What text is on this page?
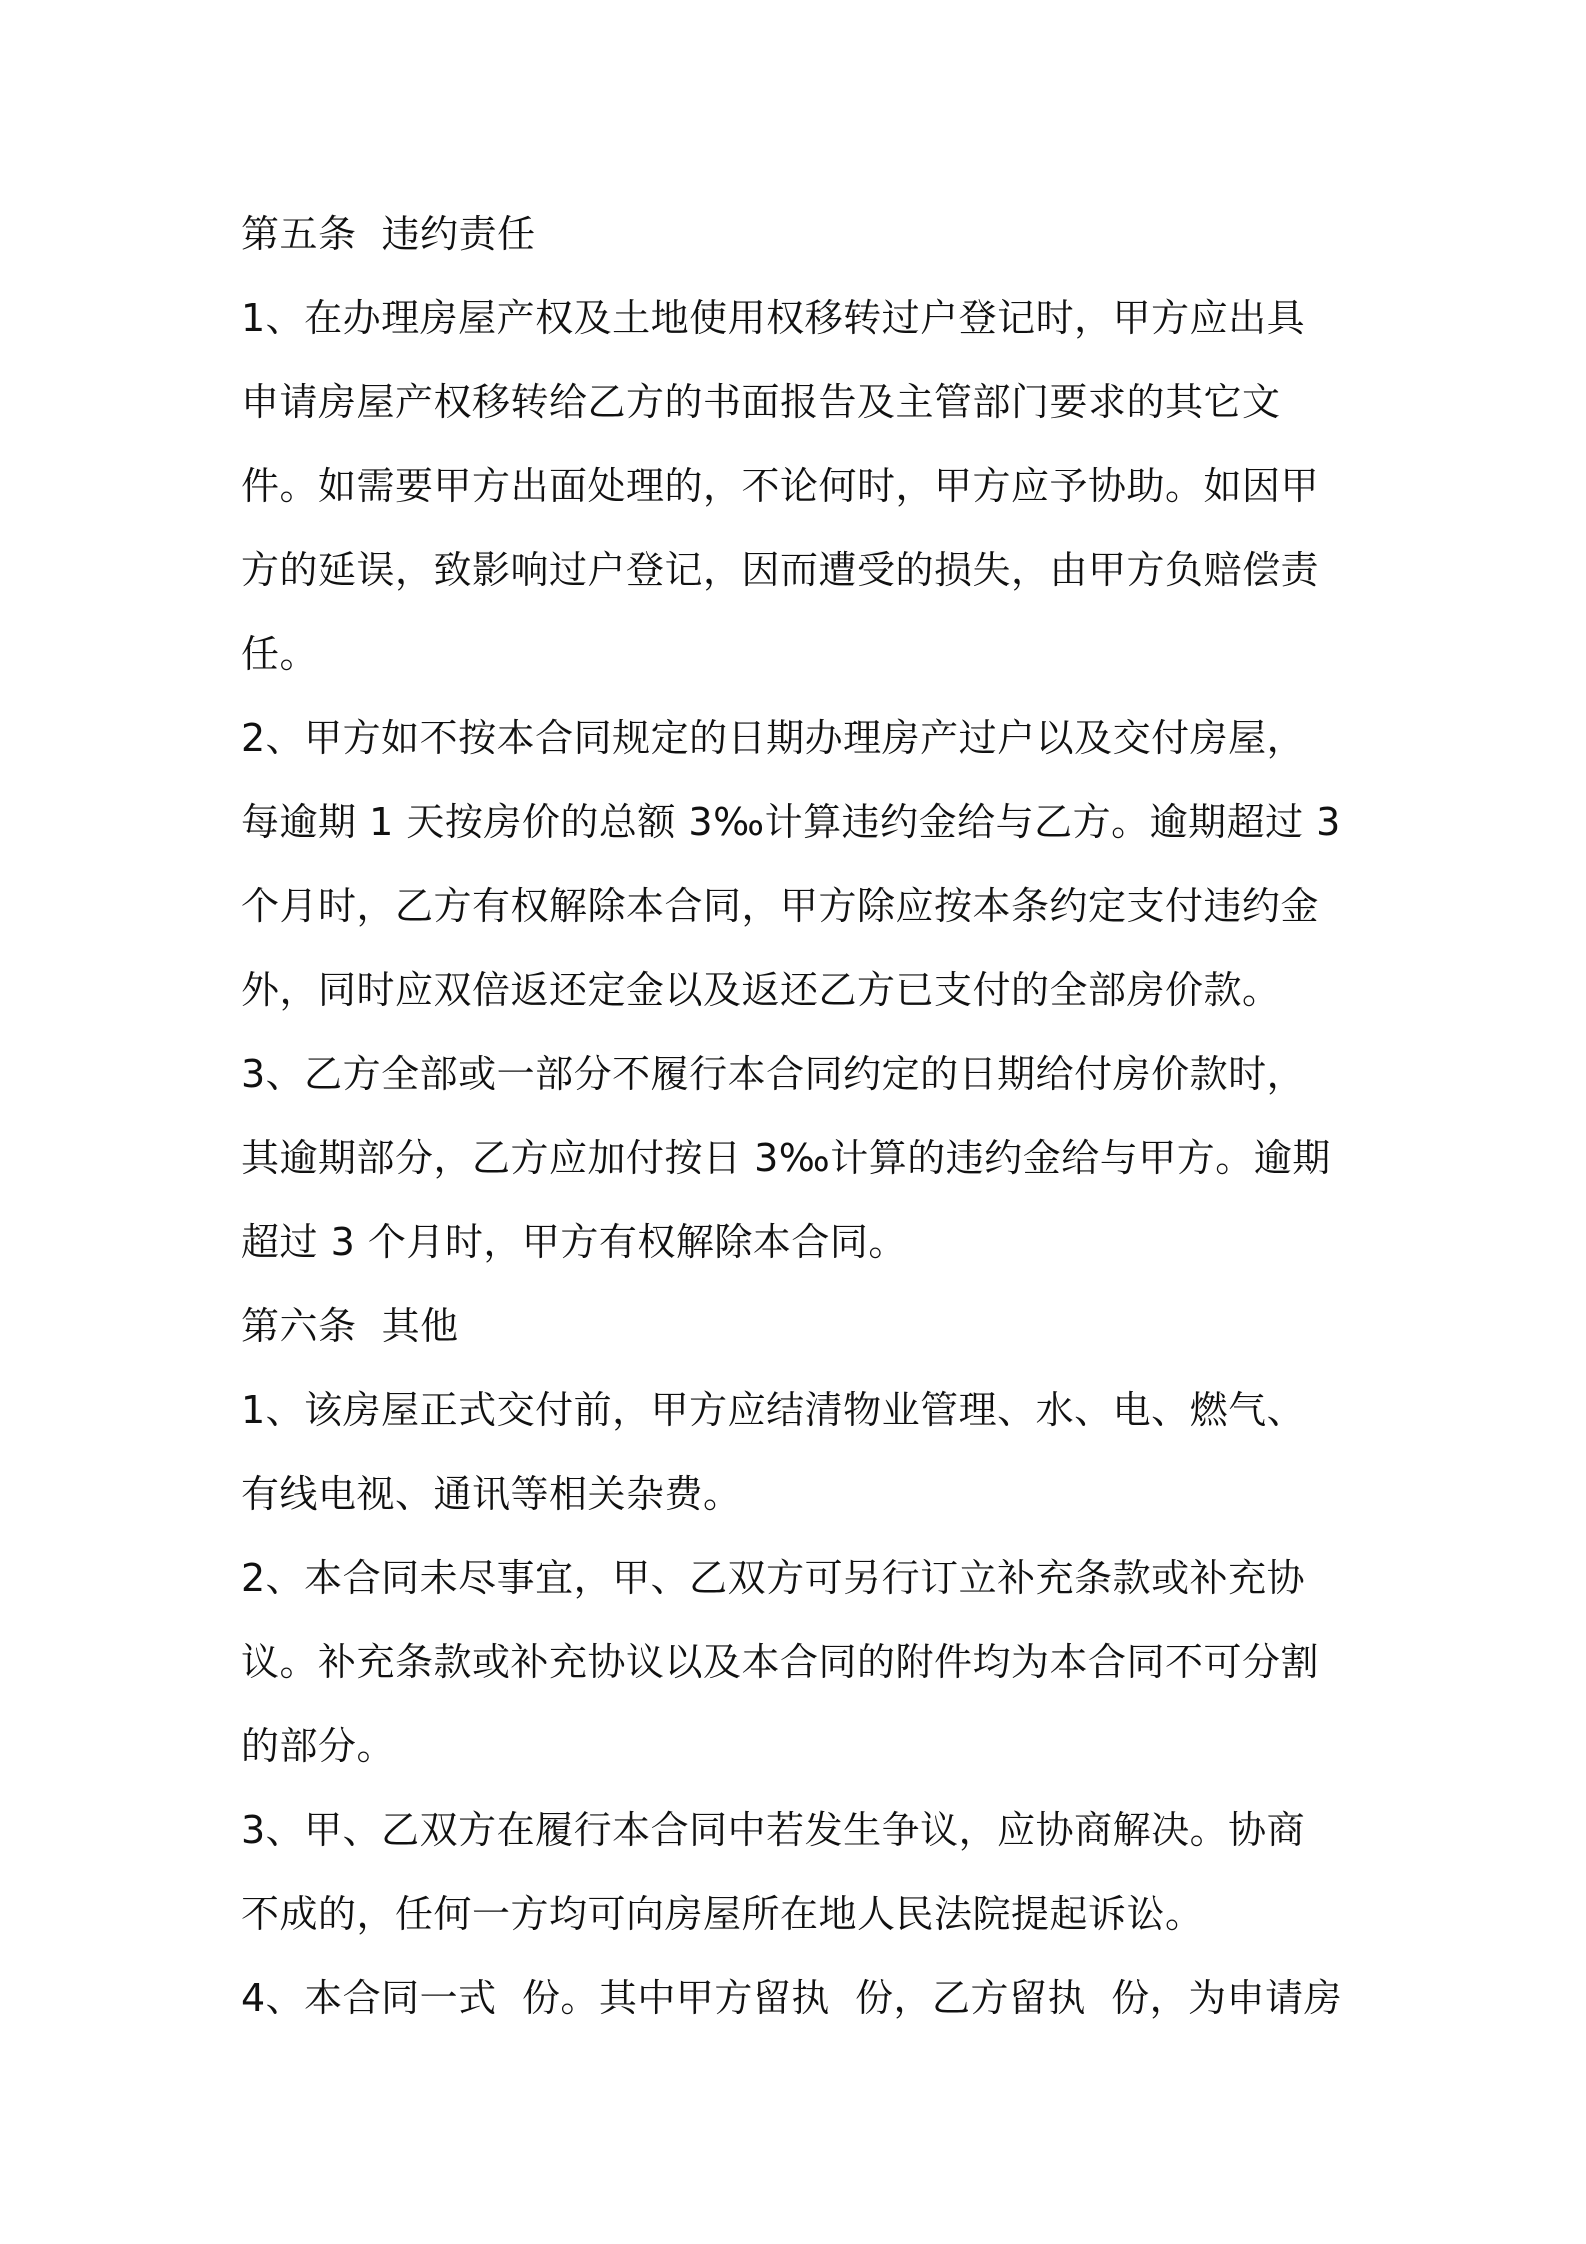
第五条  违约责任
1、在办理房屋产权及土地使用权移转过户登记时，甲方应出具
申请房屋产权移转给乙方的书面报告及主管部门要求的其它文
件。如需要甲方出面处理的，不论何时，甲方应予协助。如因甲
方的延误，致影响过户登记，因而遭受的损失，由甲方负赔偿责
任。
2、甲方如不按本合同规定的日期办理房产过户以及交付房屋，
每逾期 1 天按房价的总额 3‰计算违约金给与乙方。逾期超过 3
个月时，乙方有权解除本合同，甲方除应按本条约定支付违约金
外，同时应双倍返还定金以及返还乙方已支付的全部房价款。
3、乙方全部或一部分不履行本合同约定的日期给付房价款时，
其逾期部分，乙方应加付按日 3‰计算的违约金给与甲方。逾期
超过 3 个月时，甲方有权解除本合同。
第六条  其他
1、该房屋正式交付前，甲方应结清物业管理、水、电、燃气、
有线电视、通讯等相关杂费。
2、本合同未尽事宜，甲、乙双方可另行订立补充条款或补充协
议。补充条款或补充协议以及本合同的附件均为本合同不可分割
的部分。
3、甲、乙双方在履行本合同中若发生争议，应协商解决。协商
不成的，任何一方均可向房屋所在地人民法院提起诉讼。
4、本合同一式  份。其中甲方留执  份，乙方留执  份，为申请房
